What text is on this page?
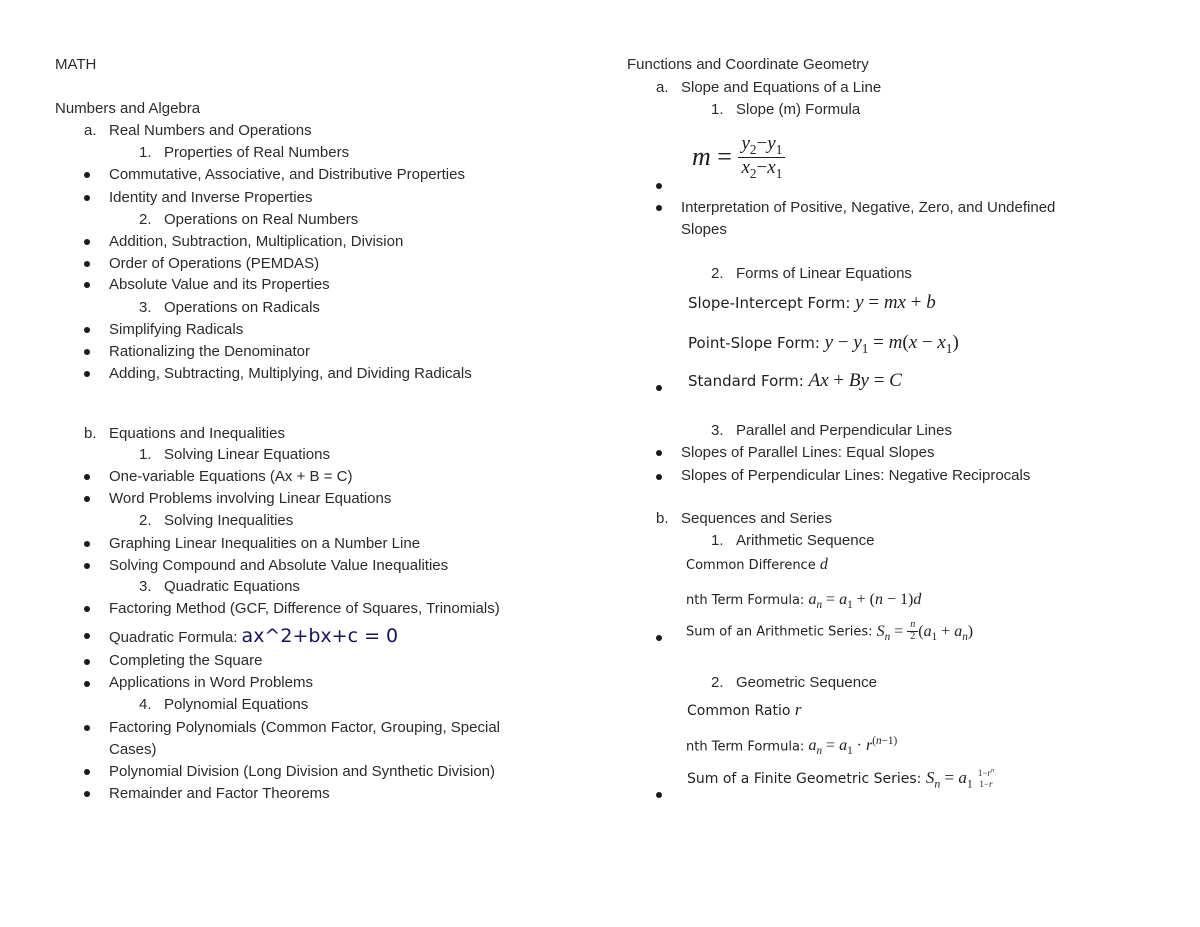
MATH
Numbers and Algebra
a. Real Numbers and Operations
1. Properties of Real Numbers
Commutative, Associative, and Distributive Properties
Identity and Inverse Properties
2. Operations on Real Numbers
Addition, Subtraction, Multiplication, Division
Order of Operations (PEMDAS)
Absolute Value and its Properties
3. Operations on Radicals
Simplifying Radicals
Rationalizing the Denominator
Adding, Subtracting, Multiplying, and Dividing Radicals
b. Equations and Inequalities
1. Solving Linear Equations
One-variable Equations (Ax + B = C)
Word Problems involving Linear Equations
2. Solving Inequalities
Graphing Linear Inequalities on a Number Line
Solving Compound and Absolute Value Inequalities
3. Quadratic Equations
Factoring Method (GCF, Difference of Squares, Trinomials)
Quadratic Formula: ax^2+bx+c = 0
Completing the Square
Applications in Word Problems
4. Polynomial Equations
Factoring Polynomials (Common Factor, Grouping, Special
Cases)
Polynomial Division (Long Division and Synthetic Division)
Remainder and Factor Theorems
Functions and Coordinate Geometry
a. Slope and Equations of a Line
1. Slope (m) Formula
$m = \frac{y_2-y_1}{x_2-x_1}$
Interpretation of Positive, Negative, Zero, and Undefined
Slopes
2. Forms of Linear Equations
Slope-Intercept Form: y = mx + b
Point-Slope Form: $y - y_1 = m(x - x_1)$
Standard Form: Ax + By = C
3. Parallel and Perpendicular Lines
Slopes of Parallel Lines: Equal Slopes
Slopes of Perpendicular Lines: Negative Reciprocals
b. Sequences and Series
1. Arithmetic Sequence
Common Difference d
nth Term Formula: $a_n = a_1 + (n - 1)d$
Sum of an Arithmetic Series: $S_n = \frac{n}{2} (a_1 + a_n)$
2. Geometric Sequence
Common Ratio r
nth Term Formula: $a_n = a_1 \cdot r^{(n-1)}$
Sum of a Finite Geometric Series: $S_n = a_1$
$1-r^n$
1−r
